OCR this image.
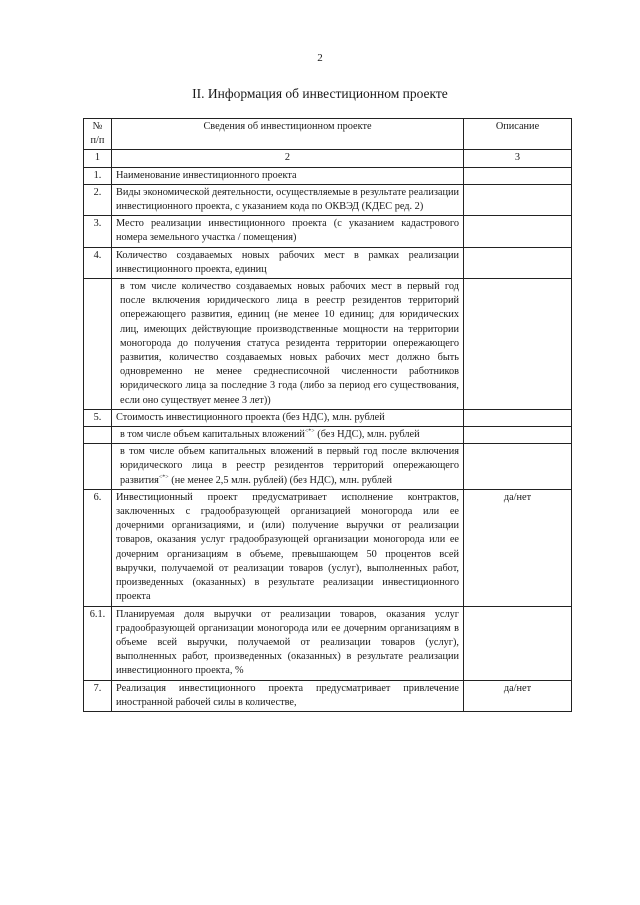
2
II. Информация об инвестиционном проекте
№ п/п	Сведения об инвестиционном проекте	Описание
1	2	3
1.	Наименование инвестиционного проекта	
2.	Виды экономической деятельности, осуществляемые в результате реализации инвестиционного проекта, с указанием кода по ОКВЭД (КДЕС ред. 2)	
3.	Место реализации инвестиционного проекта (с указанием кадастрового номера земельного участка / помещения)	
4.	Количество создаваемых новых рабочих мест в рамках реализации инвестиционного проекта, единиц	
	в том числе количество создаваемых новых рабочих мест в первый год после включения юридического лица в реестр резидентов территорий опережающего развития, единиц (не менее 10 единиц; для юридических лиц, имеющих действующие производственные мощности на территории моногорода до получения статуса резидента территории опережающего развития, количество создаваемых новых рабочих мест должно быть одновременно не менее среднесписочной численности работников юридического лица за последние 3 года (либо за период его существования, если оно существует менее 3 лет))	
5.	Стоимость инвестиционного проекта (без НДС), млн. рублей	
	в том числе объем капитальных вложений<*> (без НДС), млн. рублей	
	в том числе объем капитальных вложений в первый год после включения юридического лица в реестр резидентов территорий опережающего развития<*> (не менее 2,5 млн. рублей) (без НДС), млн. рублей	
6.	Инвестиционный проект предусматривает исполнение контрактов, заключенных с градообразующей организацией моногорода или ее дочерними организациями, и (или) получение выручки от реализации товаров, оказания услуг градообразующей организации моногорода или ее дочерним организациям в объеме, превышающем 50 процентов всей выручки, получаемой от реализации товаров (услуг), выполненных работ, произведенных (оказанных) в результате реализации инвестиционного проекта	да/нет
6.1.	Планируемая доля выручки от реализации товаров, оказания услуг градообразующей организации моногорода или ее дочерним организациям в объеме всей выручки, получаемой от реализации товаров (услуг), выполненных работ, произведенных (оказанных) в результате реализации инвестиционного проекта, %	
7.	Реализация инвестиционного проекта предусматривает привлечение иностранной рабочей силы в количестве,	да/нет
